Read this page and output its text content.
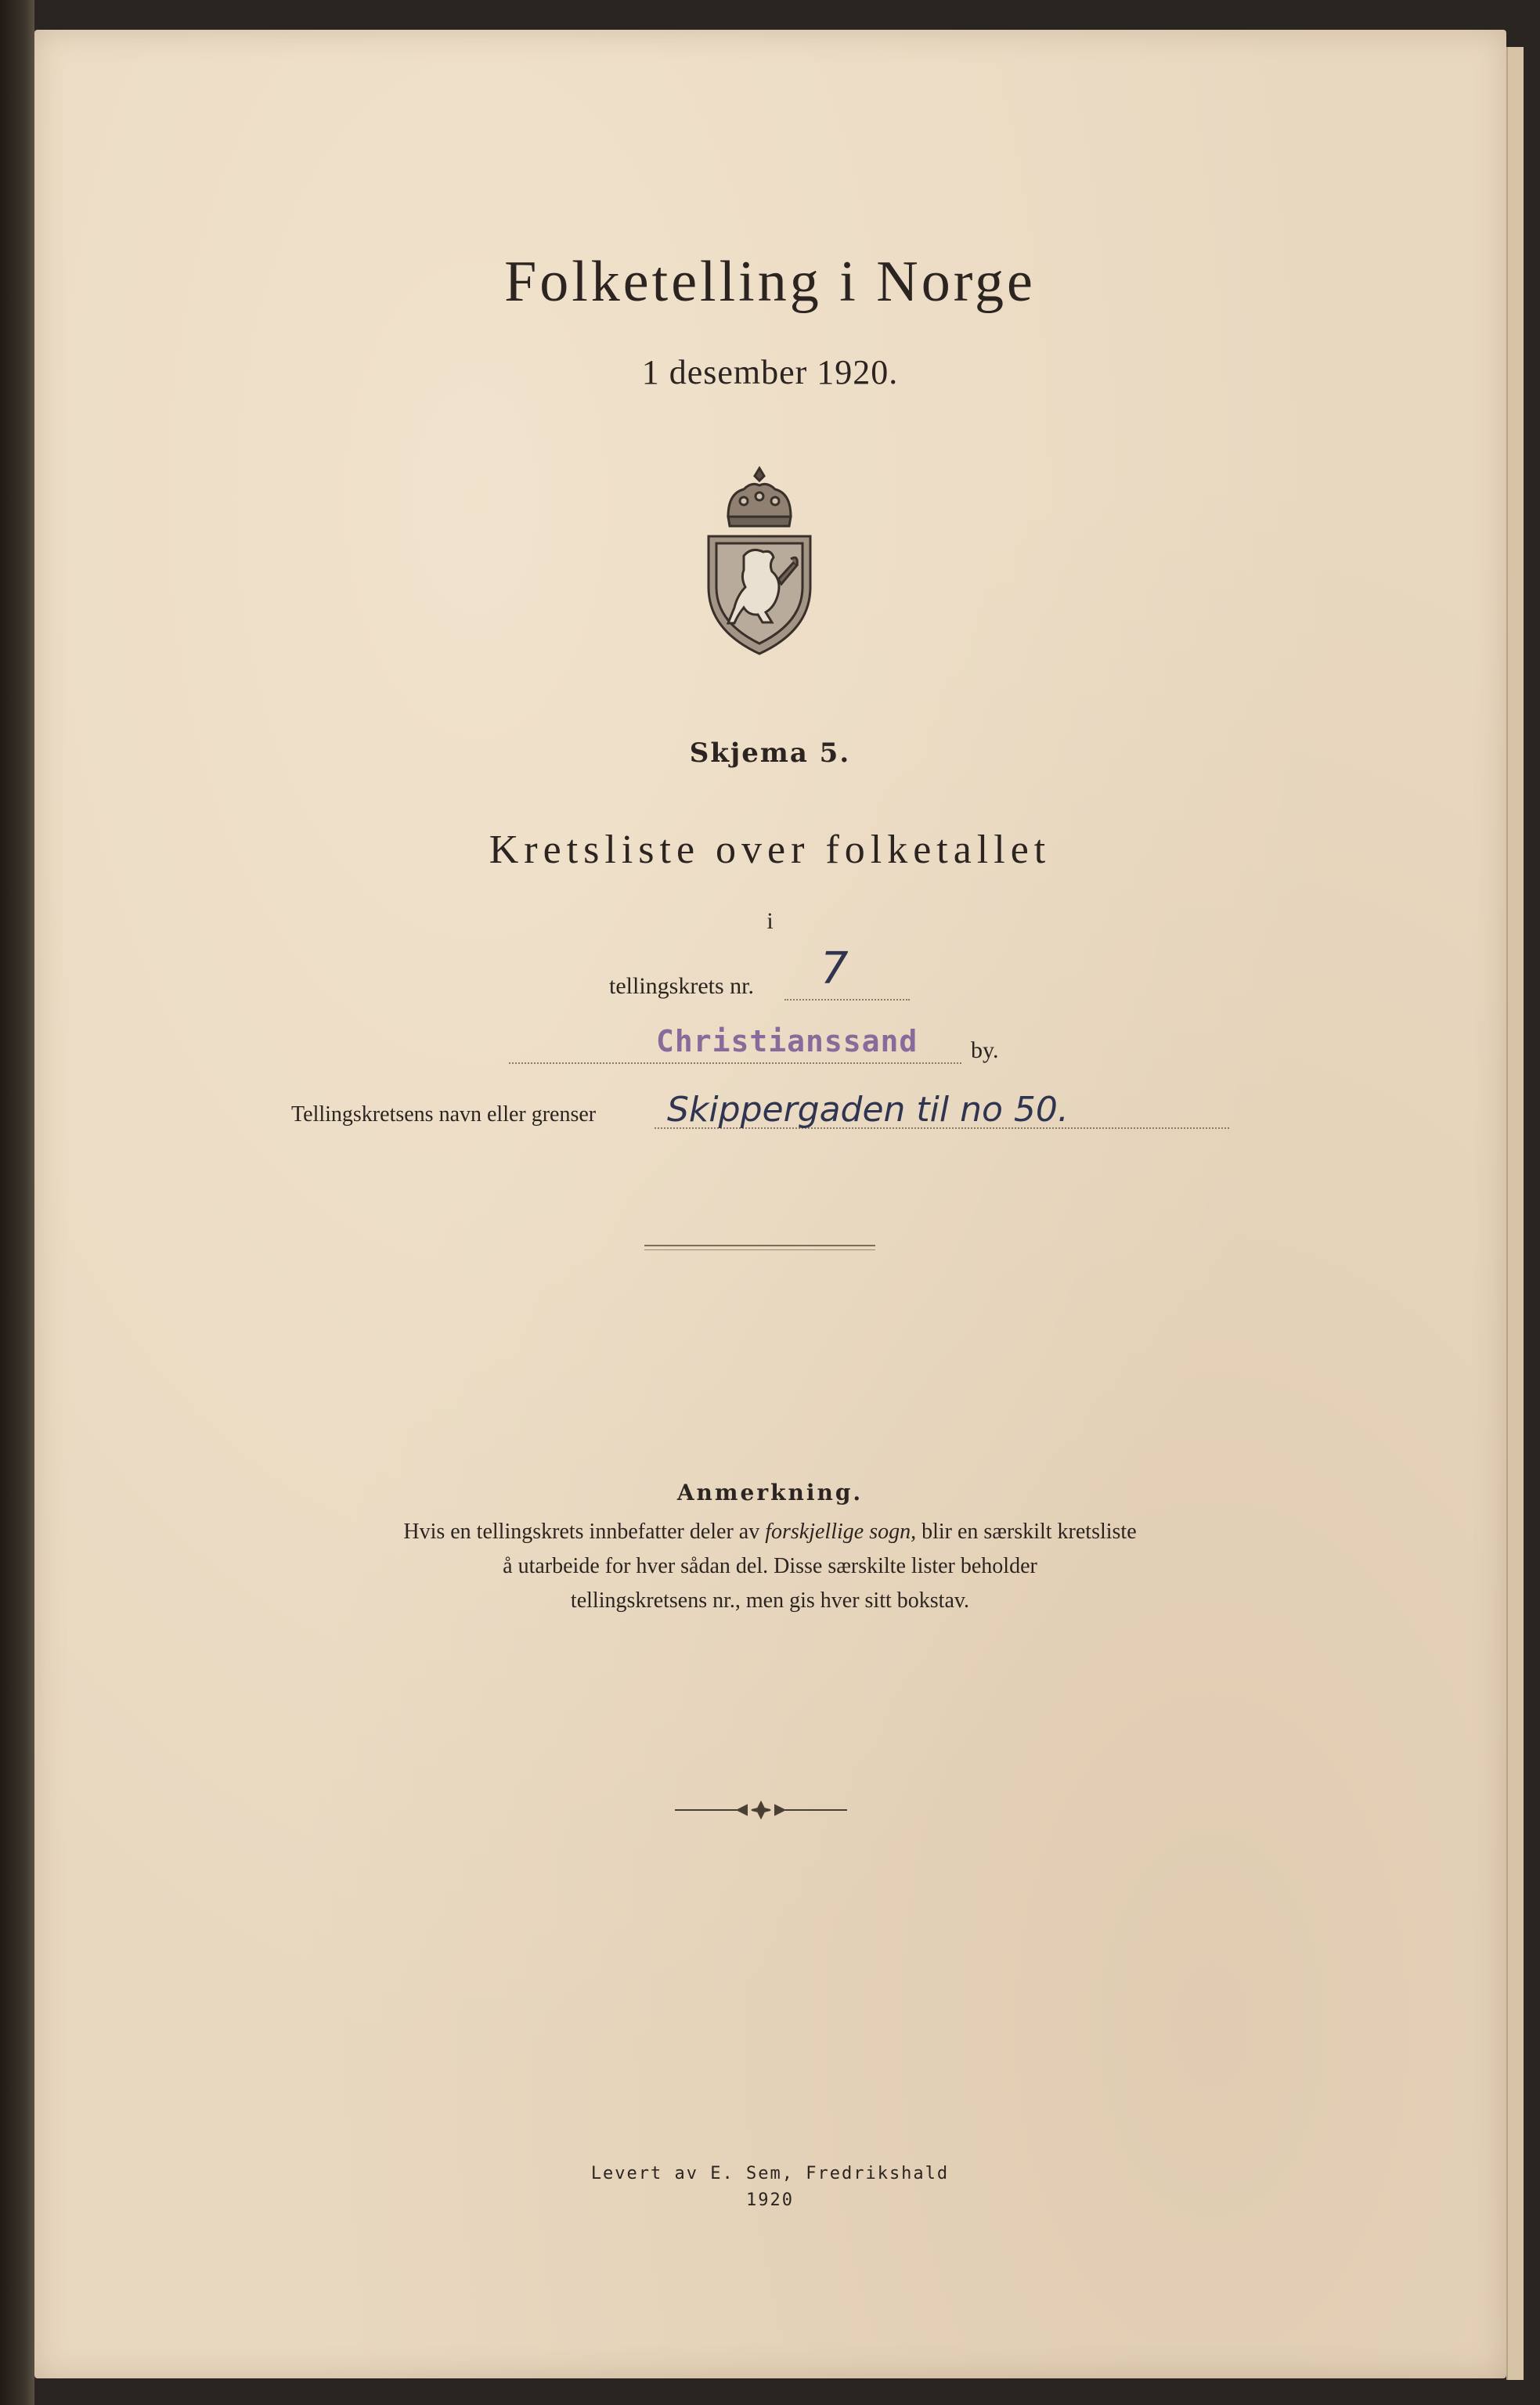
Folketelling i Norge
1 desember 1920.
Skjema 5.
Kretsliste over folketallet
i
tellingskrets nr. 7
Christianssand by.
Tellingskretsens navn eller grenser Skippergaden til no 50.
Anmerkning.
Hvis en tellingskrets innbefatter deler av forskjellige sogn, blir en særskilt kretsliste
å utarbeide for hver sådan del. Disse særskilte lister beholder
tellingskretsens nr., men gis hver sitt bokstav.
Levert av E. Sem, Fredrikshald
1920
